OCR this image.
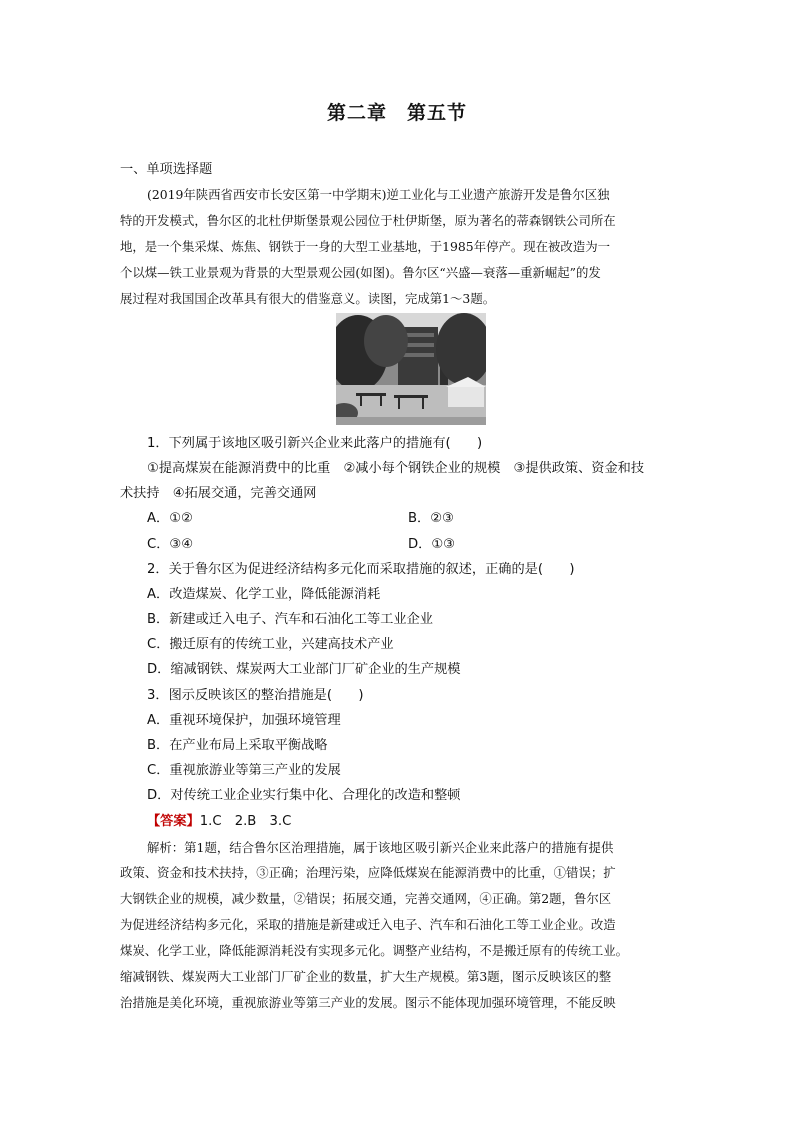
第二章　第五节
一、单项选择题
(2019年陕西省西安市长安区第一中学期末)逆工业化与工业遗产旅游开发是鲁尔区独
特的开发模式，鲁尔区的北杜伊斯堡景观公园位于杜伊斯堡，原为著名的蒂森钢铁公司所在
地，是一个集采煤、炼焦、钢铁于一身的大型工业基地，于1985年停产。现在被改造为一
个以煤—铁工业景观为背景的大型景观公园(如图)。鲁尔区“兴盛—衰落—重新崛起”的发
展过程对我国国企改革具有很大的借鉴意义。读图，完成第1～3题。
1．下列属于该地区吸引新兴企业来此落户的措施有(　　)
①提高煤炭在能源消费中的比重　②减小每个钢铁企业的规模　③提供政策、资金和技
术扶持　④拓展交通，完善交通网
A．①②	B．②③
C．③④	D．①③
2．关于鲁尔区为促进经济结构多元化而采取措施的叙述，正确的是(　　)
A．改造煤炭、化学工业，降低能源消耗
B．新建或迁入电子、汽车和石油化工等工业企业
C．搬迁原有的传统工业，兴建高技术产业
D．缩减钢铁、煤炭两大工业部门厂矿企业的生产规模
3．图示反映该区的整治措施是(　　)
A．重视环境保护，加强环境管理
B．在产业布局上采取平衡战略
C．重视旅游业等第三产业的发展
D．对传统工业企业实行集中化、合理化的改造和整顿
【答案】1.C　2.B　3.C
解析：第1题，结合鲁尔区治理措施，属于该地区吸引新兴企业来此落户的措施有提供
政策、资金和技术扶持，③正确；治理污染，应降低煤炭在能源消费中的比重，①错误；扩
大钢铁企业的规模，减少数量，②错误；拓展交通，完善交通网，④正确。第2题，鲁尔区
为促进经济结构多元化，采取的措施是新建或迁入电子、汽车和石油化工等工业企业。改造
煤炭、化学工业，降低能源消耗没有实现多元化。调整产业结构，不是搬迁原有的传统工业。
缩减钢铁、煤炭两大工业部门厂矿企业的数量，扩大生产规模。第3题，图示反映该区的整
治措施是美化环境，重视旅游业等第三产业的发展。图示不能体现加强环境管理，不能反映
